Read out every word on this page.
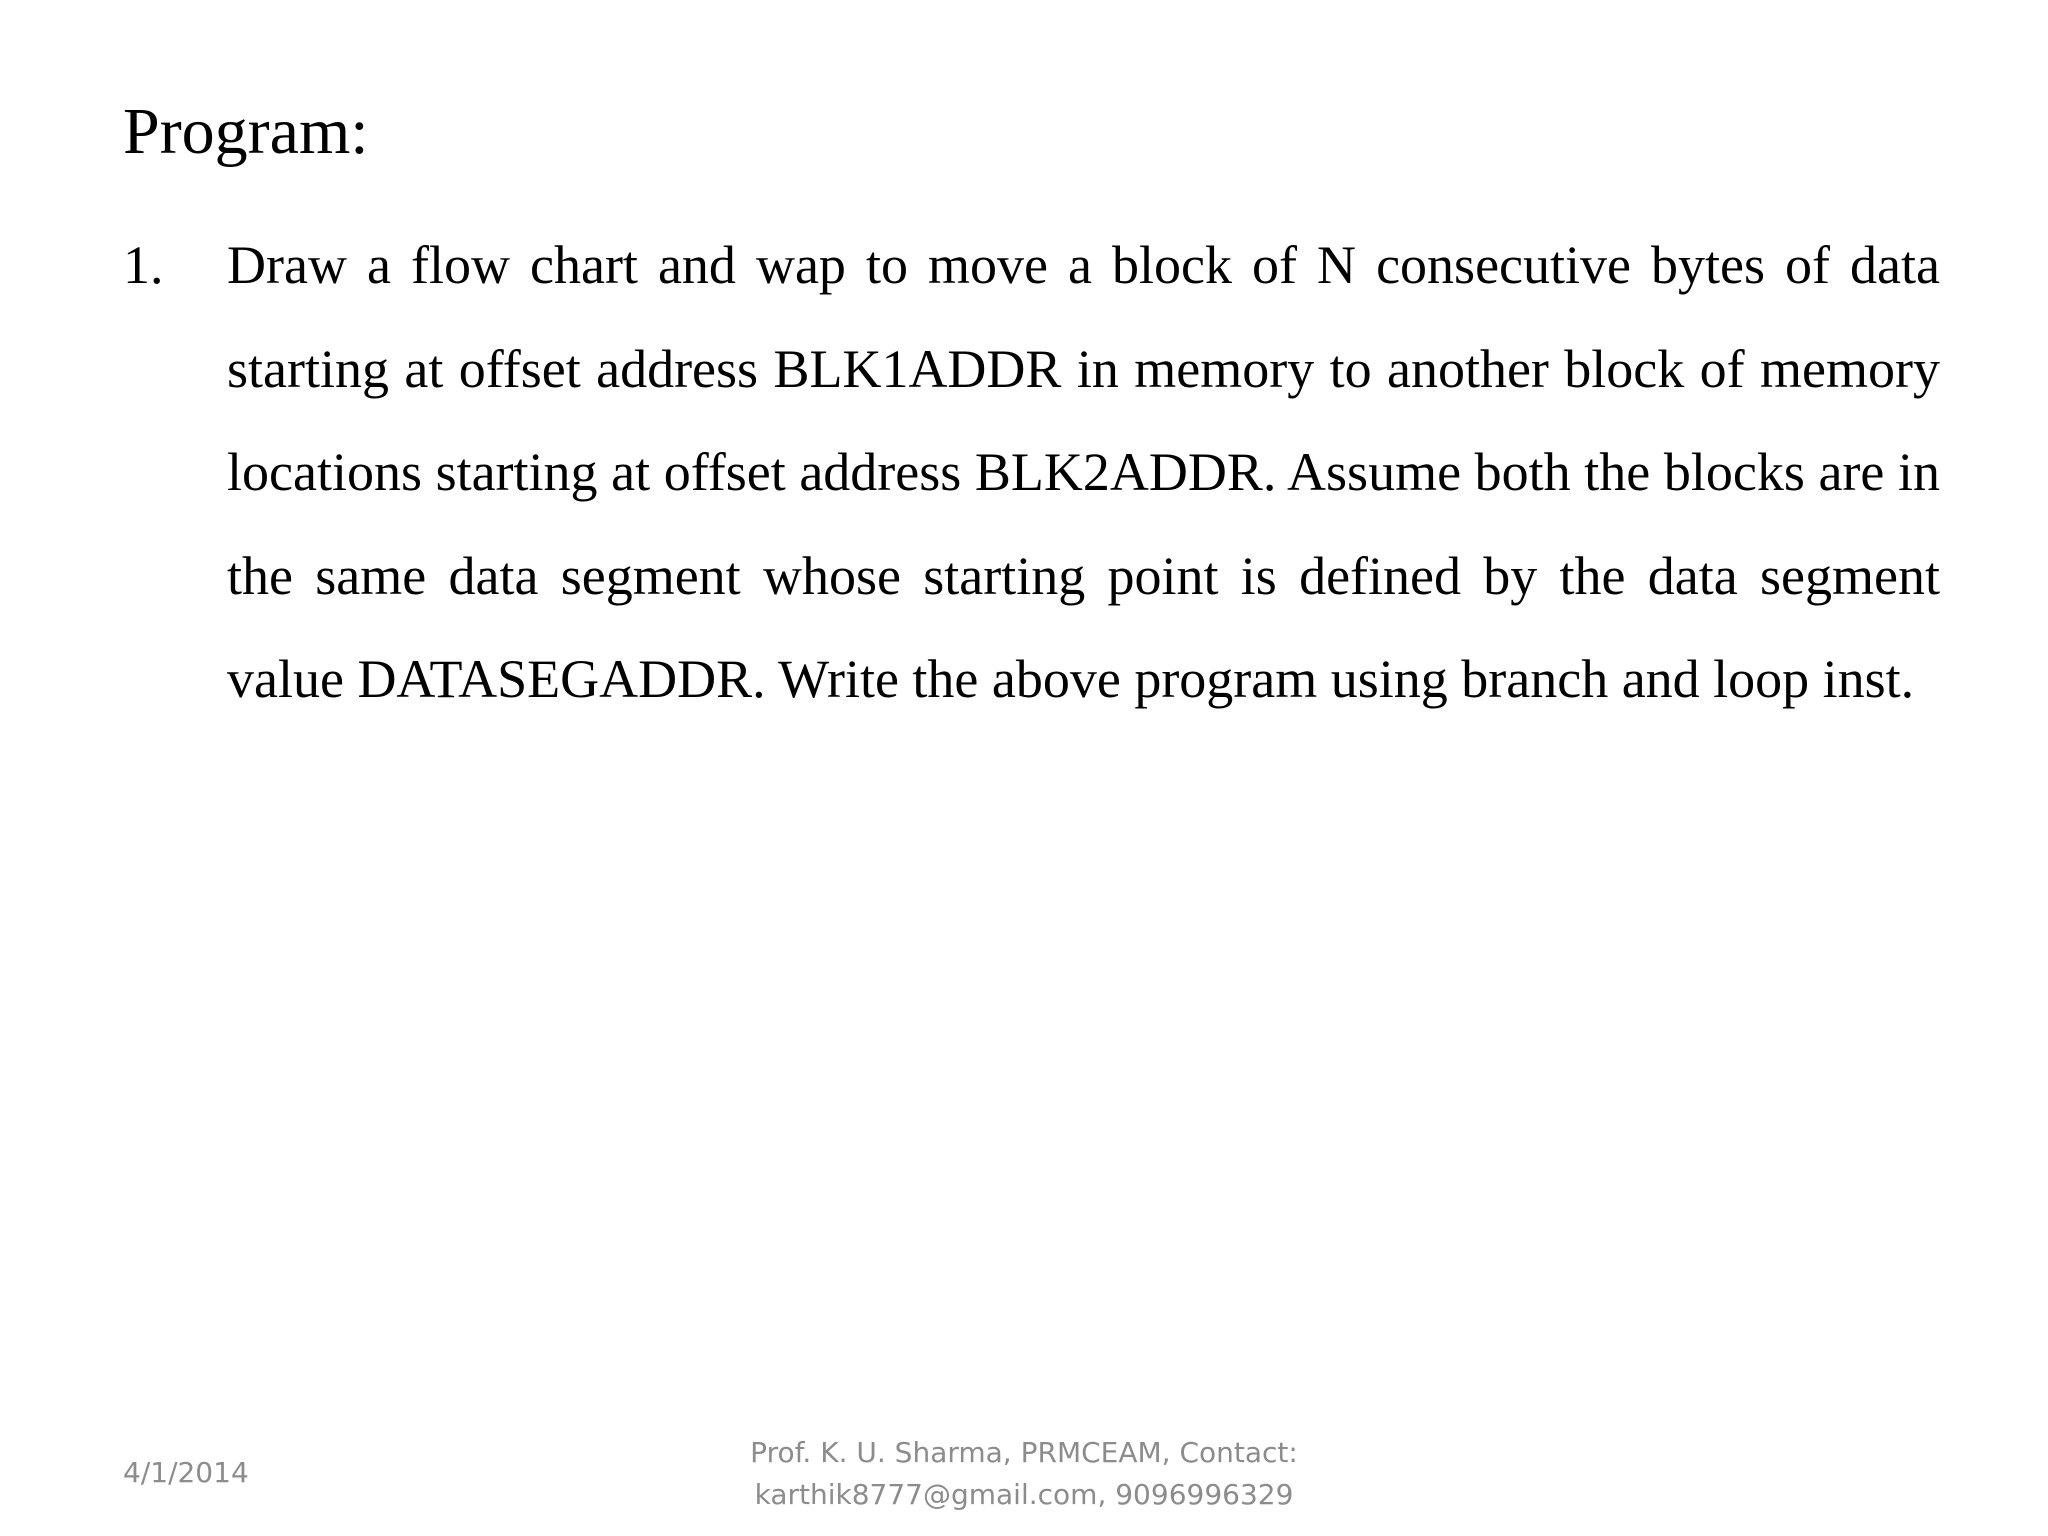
Program:
1. Draw a flow chart and wap to move a block of N consecutive bytes of data starting at offset address BLK1ADDR in memory to another block of memory locations starting at offset address BLK2ADDR. Assume both the blocks are in the same data segment whose starting point is defined by the data segment value DATASEGADDR. Write the above program using branch and loop inst.
4/1/2014
Prof. K. U. Sharma, PRMCEAM, Contact:
karthik8777@gmail.com, 9096996329
